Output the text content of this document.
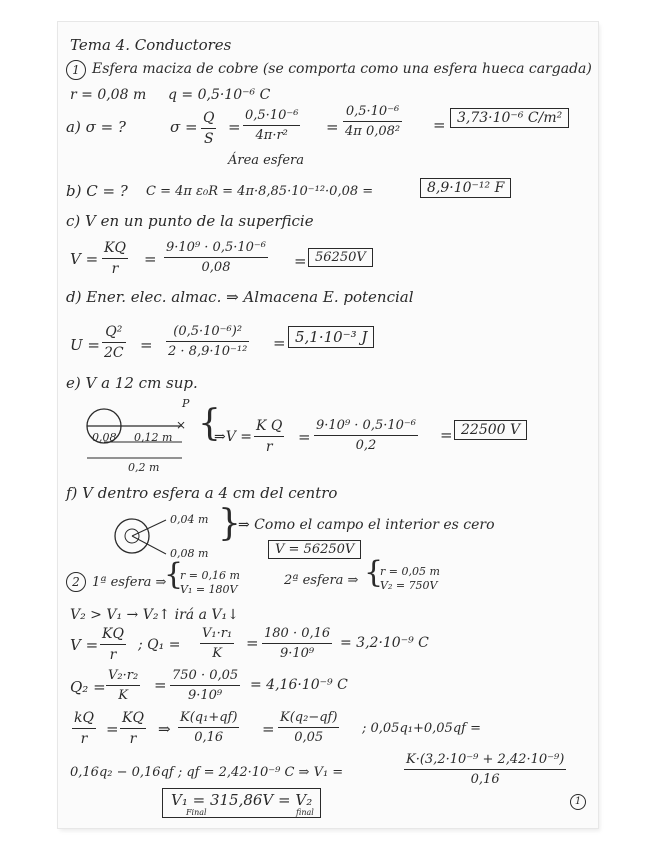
Tema 4. Conductores
1 Esfera maciza de cobre (se comporta como una esfera hueca cargada)
r = 0,08 m q = 0,5·10⁻⁶ C
a) σ = ?	$\sigma = \frac{Q}{S} = \frac{\text{0,5·10⁻⁶}}{\text{4π·r²}} = \frac{\text{0,5·10⁻⁶}}{\text{4π 0,08²}} = 3,73\cdot 10^{-6}$ C/m²
Área esfera
b) C = ? C = 4π ε₀R = 4π·8,85·10⁻¹²·0,08 =	8,9·10⁻¹² F
c) V en un punto de la superficie
$V = \frac{KQ}{r} = \frac{\text{9·10⁹ · 0,5·10⁻⁶}}{0,08} = 56250V$
d) Ener. elec. almac. ⇒ Almacena E. potencial
$U = \frac{\text{Q²}}{2C} = \frac{\text{(0,5·10⁻⁶)²}}{\text{2 · 8,9·10⁻¹²}} = 5,1\cdot 10^{-3}$ J
e) V a 12 cm sup.
×
P
0,08 0,12 m
0,2 m
{
⇒V = $\frac{\text{K Q}}{r} = \frac{\text{9·10⁹ · 0,5·10⁻⁶}}{0,2} = 22500$ V
f) V dentro esfera a 4 cm del centro
0,04 m
0,08 m
}
⇒ Como el campo el interior es cero
V = 56250V
2 1ª esfera ⇒
{
r = 0,16 m
V₁ = 180V
2ª esfera ⇒ {
r = 0,05 m
V₂ = 750V
V₂ > V₁ → V₂↑ irá a V₁↓
$V = \frac{KQ}{r}$ ; $Q_1 = \frac{\text{V₁·r₁}}{K} = \frac{180 \cdot 0,16}{\text{9·10⁹}} = 3,2\cdot 10^{-9}$ C
$Q_2 = \frac{\text{V₂·r₂}}{K} = \frac{750 \cdot 0,05}{\text{9·10⁹}} = 4,16\cdot 10^{-9}$ C
$\frac{kQ}{r} = \frac{KQ}{r}$ ⇒ $\frac{\text{K(q₁+qf)}}{0,16} = \frac{\text{K(q₂−qf)}}{0,05}$ ; 0,05q₁+0,05qf =
0,16q₂ − 0,16qf ; qf = 2,42·10⁻⁹ C ⇒ V₁ =	$\frac{\text{K·(3,2·10⁻⁹ + 2,42·10⁻⁹)}}{0,16}$
V₁ = 315,86V = V₂
Final	final
1
